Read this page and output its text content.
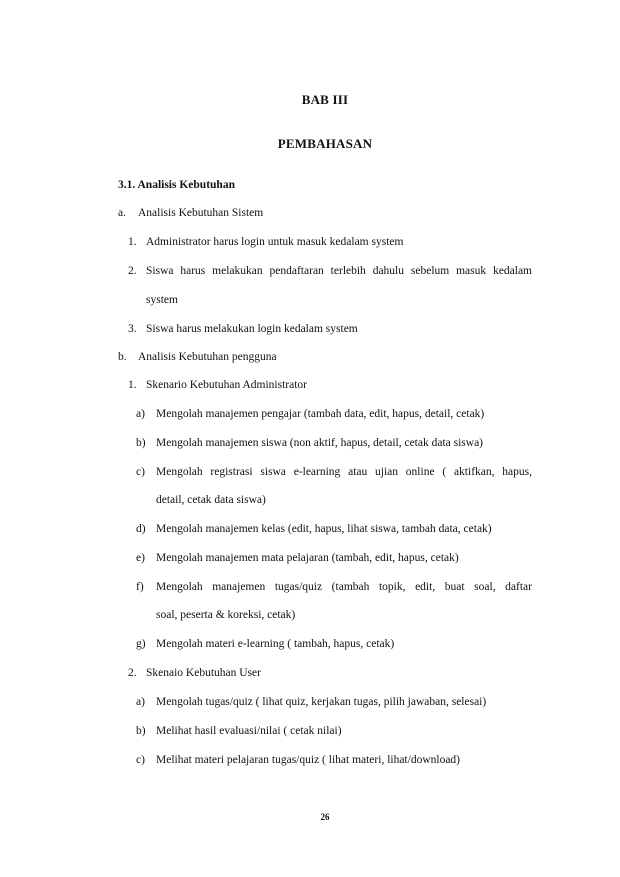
BAB III
PEMBAHASAN
3.1. Analisis Kebutuhan
a. Analisis Kebutuhan Sistem
1. Administrator harus login untuk masuk kedalam system
2. Siswa harus melakukan pendaftaran terlebih dahulu sebelum masuk kedalam
system
3. Siswa harus melakukan login kedalam system
b. Analisis Kebutuhan pengguna
1. Skenario Kebutuhan Administrator
a) Mengolah manajemen pengajar (tambah data, edit, hapus, detail, cetak)
b) Mengolah manajemen siswa (non aktif, hapus, detail, cetak data siswa)
c) Mengolah registrasi siswa e-learning atau ujian online ( aktifkan, hapus,
detail, cetak data siswa)
d) Mengolah manajemen kelas (edit, hapus, lihat siswa, tambah data, cetak)
e) Mengolah manajemen mata pelajaran (tambah, edit, hapus, cetak)
f) Mengolah manajemen tugas/quiz (tambah topik, edit, buat soal, daftar
soal, peserta & koreksi, cetak)
g) Mengolah materi e-learning ( tambah, hapus, cetak)
2. Skenaio Kebutuhan User
a) Mengolah tugas/quiz ( lihat quiz, kerjakan tugas, pilih jawaban, selesai)
b) Melihat hasil evaluasi/nilai ( cetak nilai)
c) Melihat materi pelajaran tugas/quiz ( lihat materi, lihat/download)
26
